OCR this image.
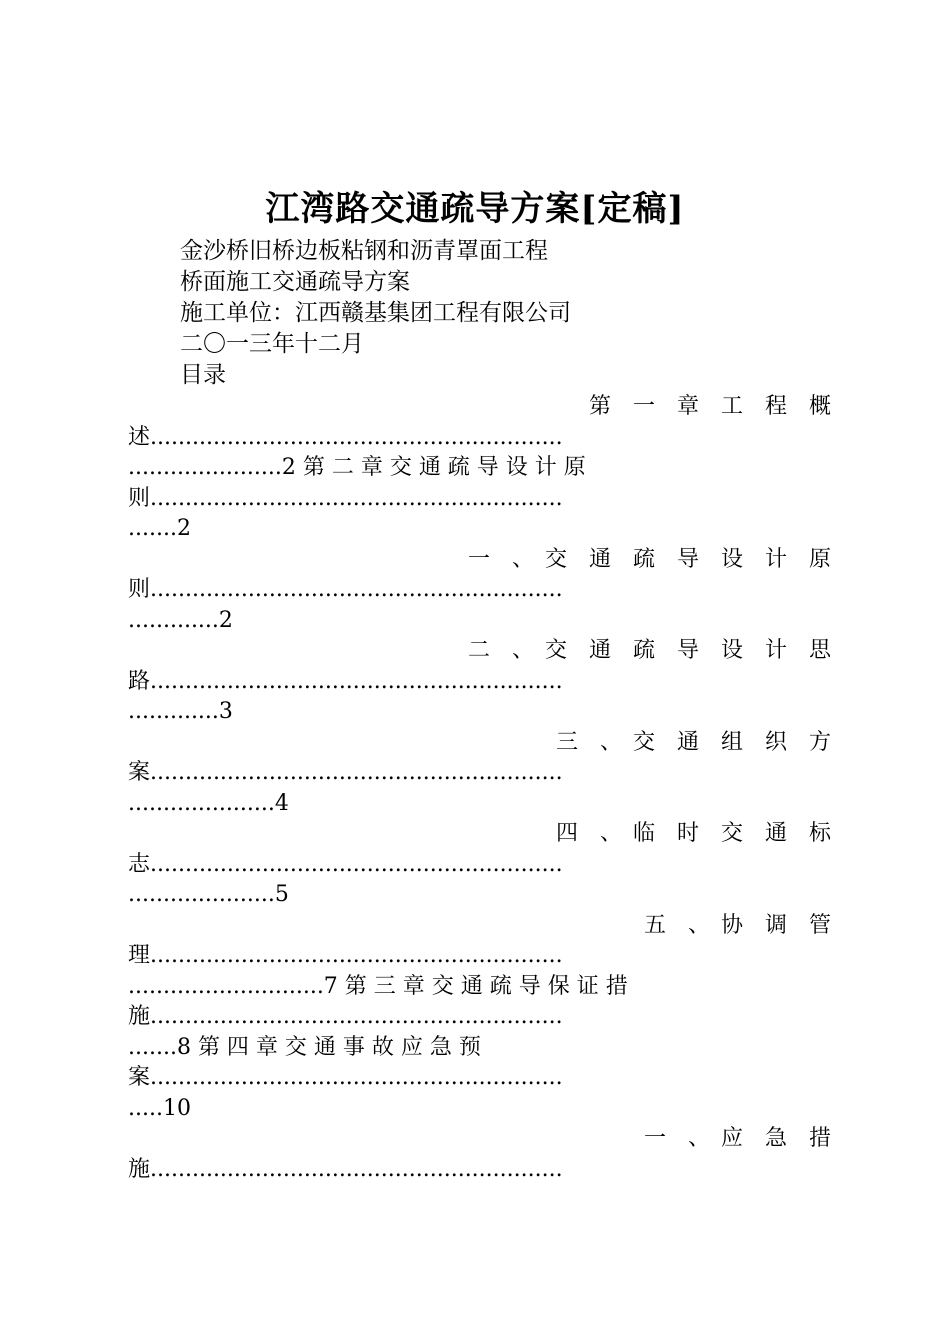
江湾路交通疏导方案[定稿]
金沙桥旧桥边板粘钢和沥青罩面工程
桥面施工交通疏导方案
施工单位：江西赣基集团工程有限公司
二〇一三年十二月
目录
第　一　章　工　程　概
述...........................................................
......................2 第 二 章 交 通 疏 导 设 计 原
则...........................................................
.......2
一　、　交　通　疏　导　设　计　原
则...........................................................
.............2
二　、　交　通　疏　导　设　计　思
路...........................................................
.............3
三　、　交　通　组　织　方
案...........................................................
.....................4
四　、　临　时　交　通　标
志...........................................................
.....................5
五　、　协　调　管
理...........................................................
............................7 第 三 章 交 通 疏 导 保 证 措
施...........................................................
.......8 第 四 章 交 通 事 故 应 急 预
案...........................................................
.....10
一　、　应　急　措
施...........................................................
